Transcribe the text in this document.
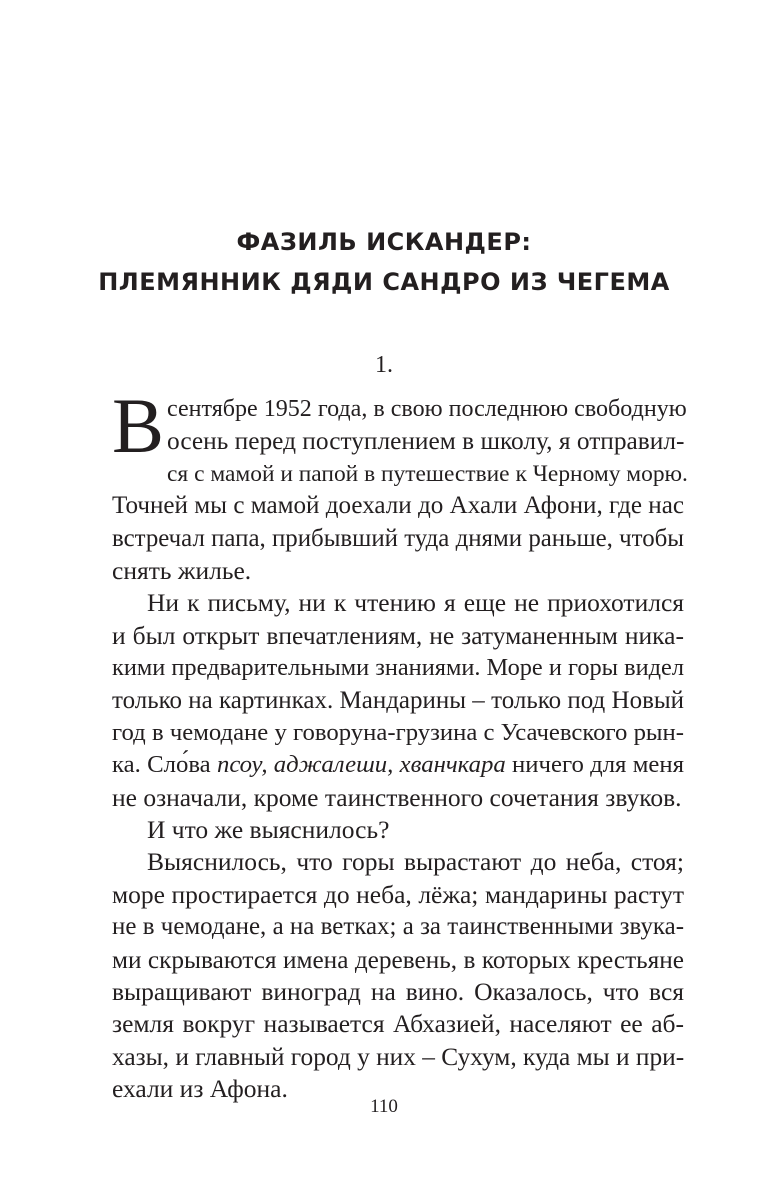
ФАЗИЛЬ ИСКАНДЕР:
ПЛЕМЯННИК ДЯДИ САНДРО ИЗ ЧЕГЕМА
1.
В сентябре 1952 года, в свою последнюю свободную
осень перед поступлением в школу, я отправил-
ся с мамой и папой в путешествие к Черному морю.
Точней мы с мамой доехали до Ахали Афони, где нас
встречал папа, прибывший туда днями раньше, чтобы
снять жилье.
Ни к письму, ни к чтению я еще не приохотился
и был открыт впечатлениям, не затуманенным ника-
кими предварительными знаниями. Море и горы видел
только на картинках. Мандарины – только под Новый
год в чемодане у говоруна-грузина с Усачевского рын-
ка. Сло́ва псоу, аджалеши, хванчкара ничего для меня
не означали, кроме таинственного сочетания звуков.
И что же выяснилось?
Выяснилось, что горы вырастают до неба, стоя;
море простирается до неба, лёжа; мандарины растут
не в чемодане, а на ветках; а за таинственными звука-
ми скрываются имена деревень, в которых крестьяне
выращивают виноград на вино. Оказалось, что вся
земля вокруг называется Абхазией, населяют ее аб-
хазы, и главный город у них – Сухум, куда мы и при-
ехали из Афона.
110
